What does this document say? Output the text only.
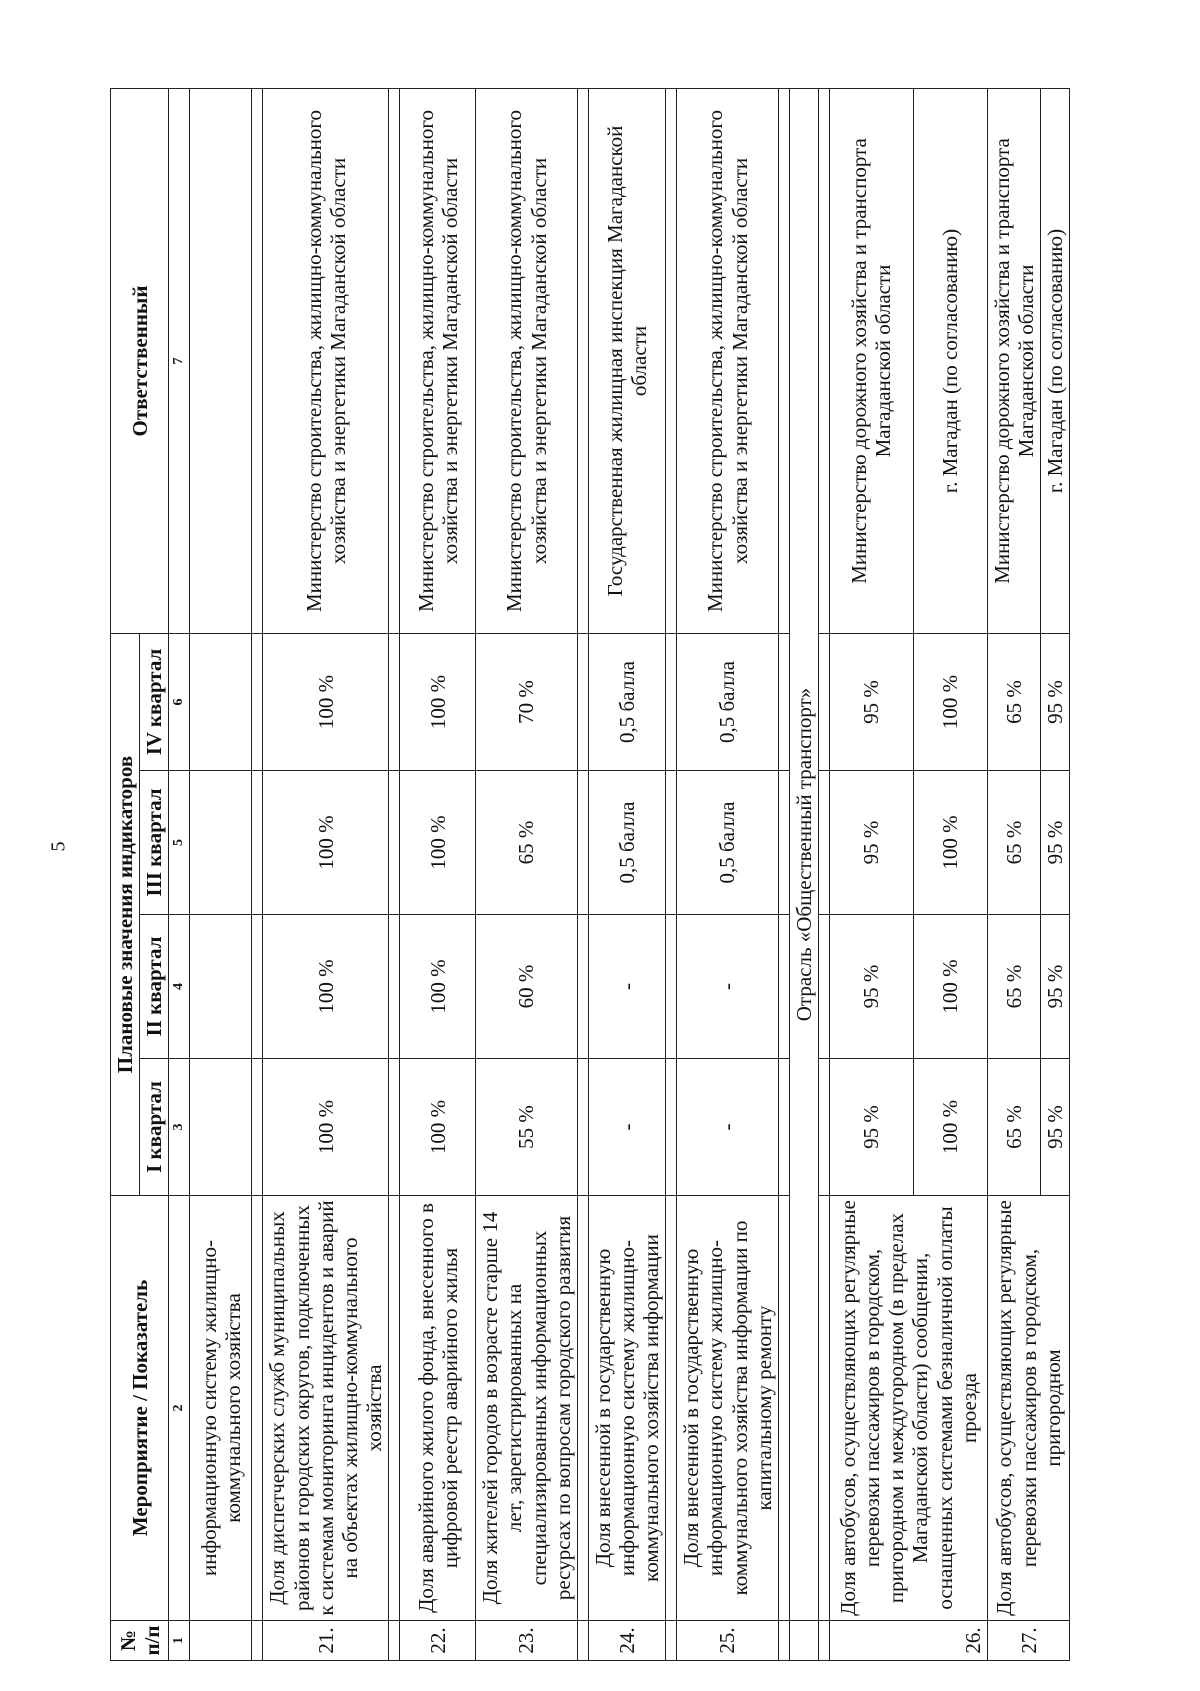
5
№ п/п	Мероприятие / Показатель	Плановые значения индикаторов				Ответственный
		I квартал	II квартал	III квартал	IV квартал	
1	2	3	4	5	6	7
	информационную систему жилищно-коммунального хозяйства					

21.	Доля диспетчерских служб муниципальных районов и городских округов, подключенных к системам мониторинга инцидентов и аварий на объектах жилищно-коммунального хозяйства	100 %	100 %	100 %	100 %	Министерство строительства, жилищно-коммунального хозяйства и энергетики Магаданской области

22.	Доля аварийного жилого фонда, внесенного в цифровой реестр аварийного жилья	100 %	100 %	100 %	100 %	Министерство строительства, жилищно-коммунального хозяйства и энергетики Магаданской области
23.	Доля жителей городов в возрасте старше 14 лет, зарегистрированных на специализированных информационных ресурсах по вопросам городского развития	55 %	60 %	65 %	70 %	Министерство строительства, жилищно-коммунального хозяйства и энергетики Магаданской области

24.	Доля внесенной в государственную информационную систему жилищно-коммунального хозяйства информации	-	-	0,5 балла	0,5 балла	Государственная жилищная инспекция Магаданской области

25.	Доля внесенной в государственную информационную систему жилищно-коммунального хозяйства информации по капитальному ремонту	-	-	0,5 балла	0,5 балла	Министерство строительства, жилищно-коммунального хозяйства и энергетики Магаданской области

	Отрасль «Общественный транспорт»					

26.	Доля автобусов, осуществляющих регулярные перевозки пассажиров в городском, пригородном и междугородном (в пределах Магаданской области) сообщении, оснащенных системами безналичной оплаты проезда	95 %	95 %	95 %	95 %	Министерство дорожного хозяйства и транспорта Магаданской области
		100 %	100 %	100 %	100 %	г. Магадан (по согласованию)
27.	Доля автобусов, осуществляющих регулярные перевозки пассажиров в городском, пригородном	65 %	65 %	65 %	65 %	Министерство дорожного хозяйства и транспорта Магаданской области
		95 %	95 %	95 %	95 %	г. Магадан (по согласованию)
